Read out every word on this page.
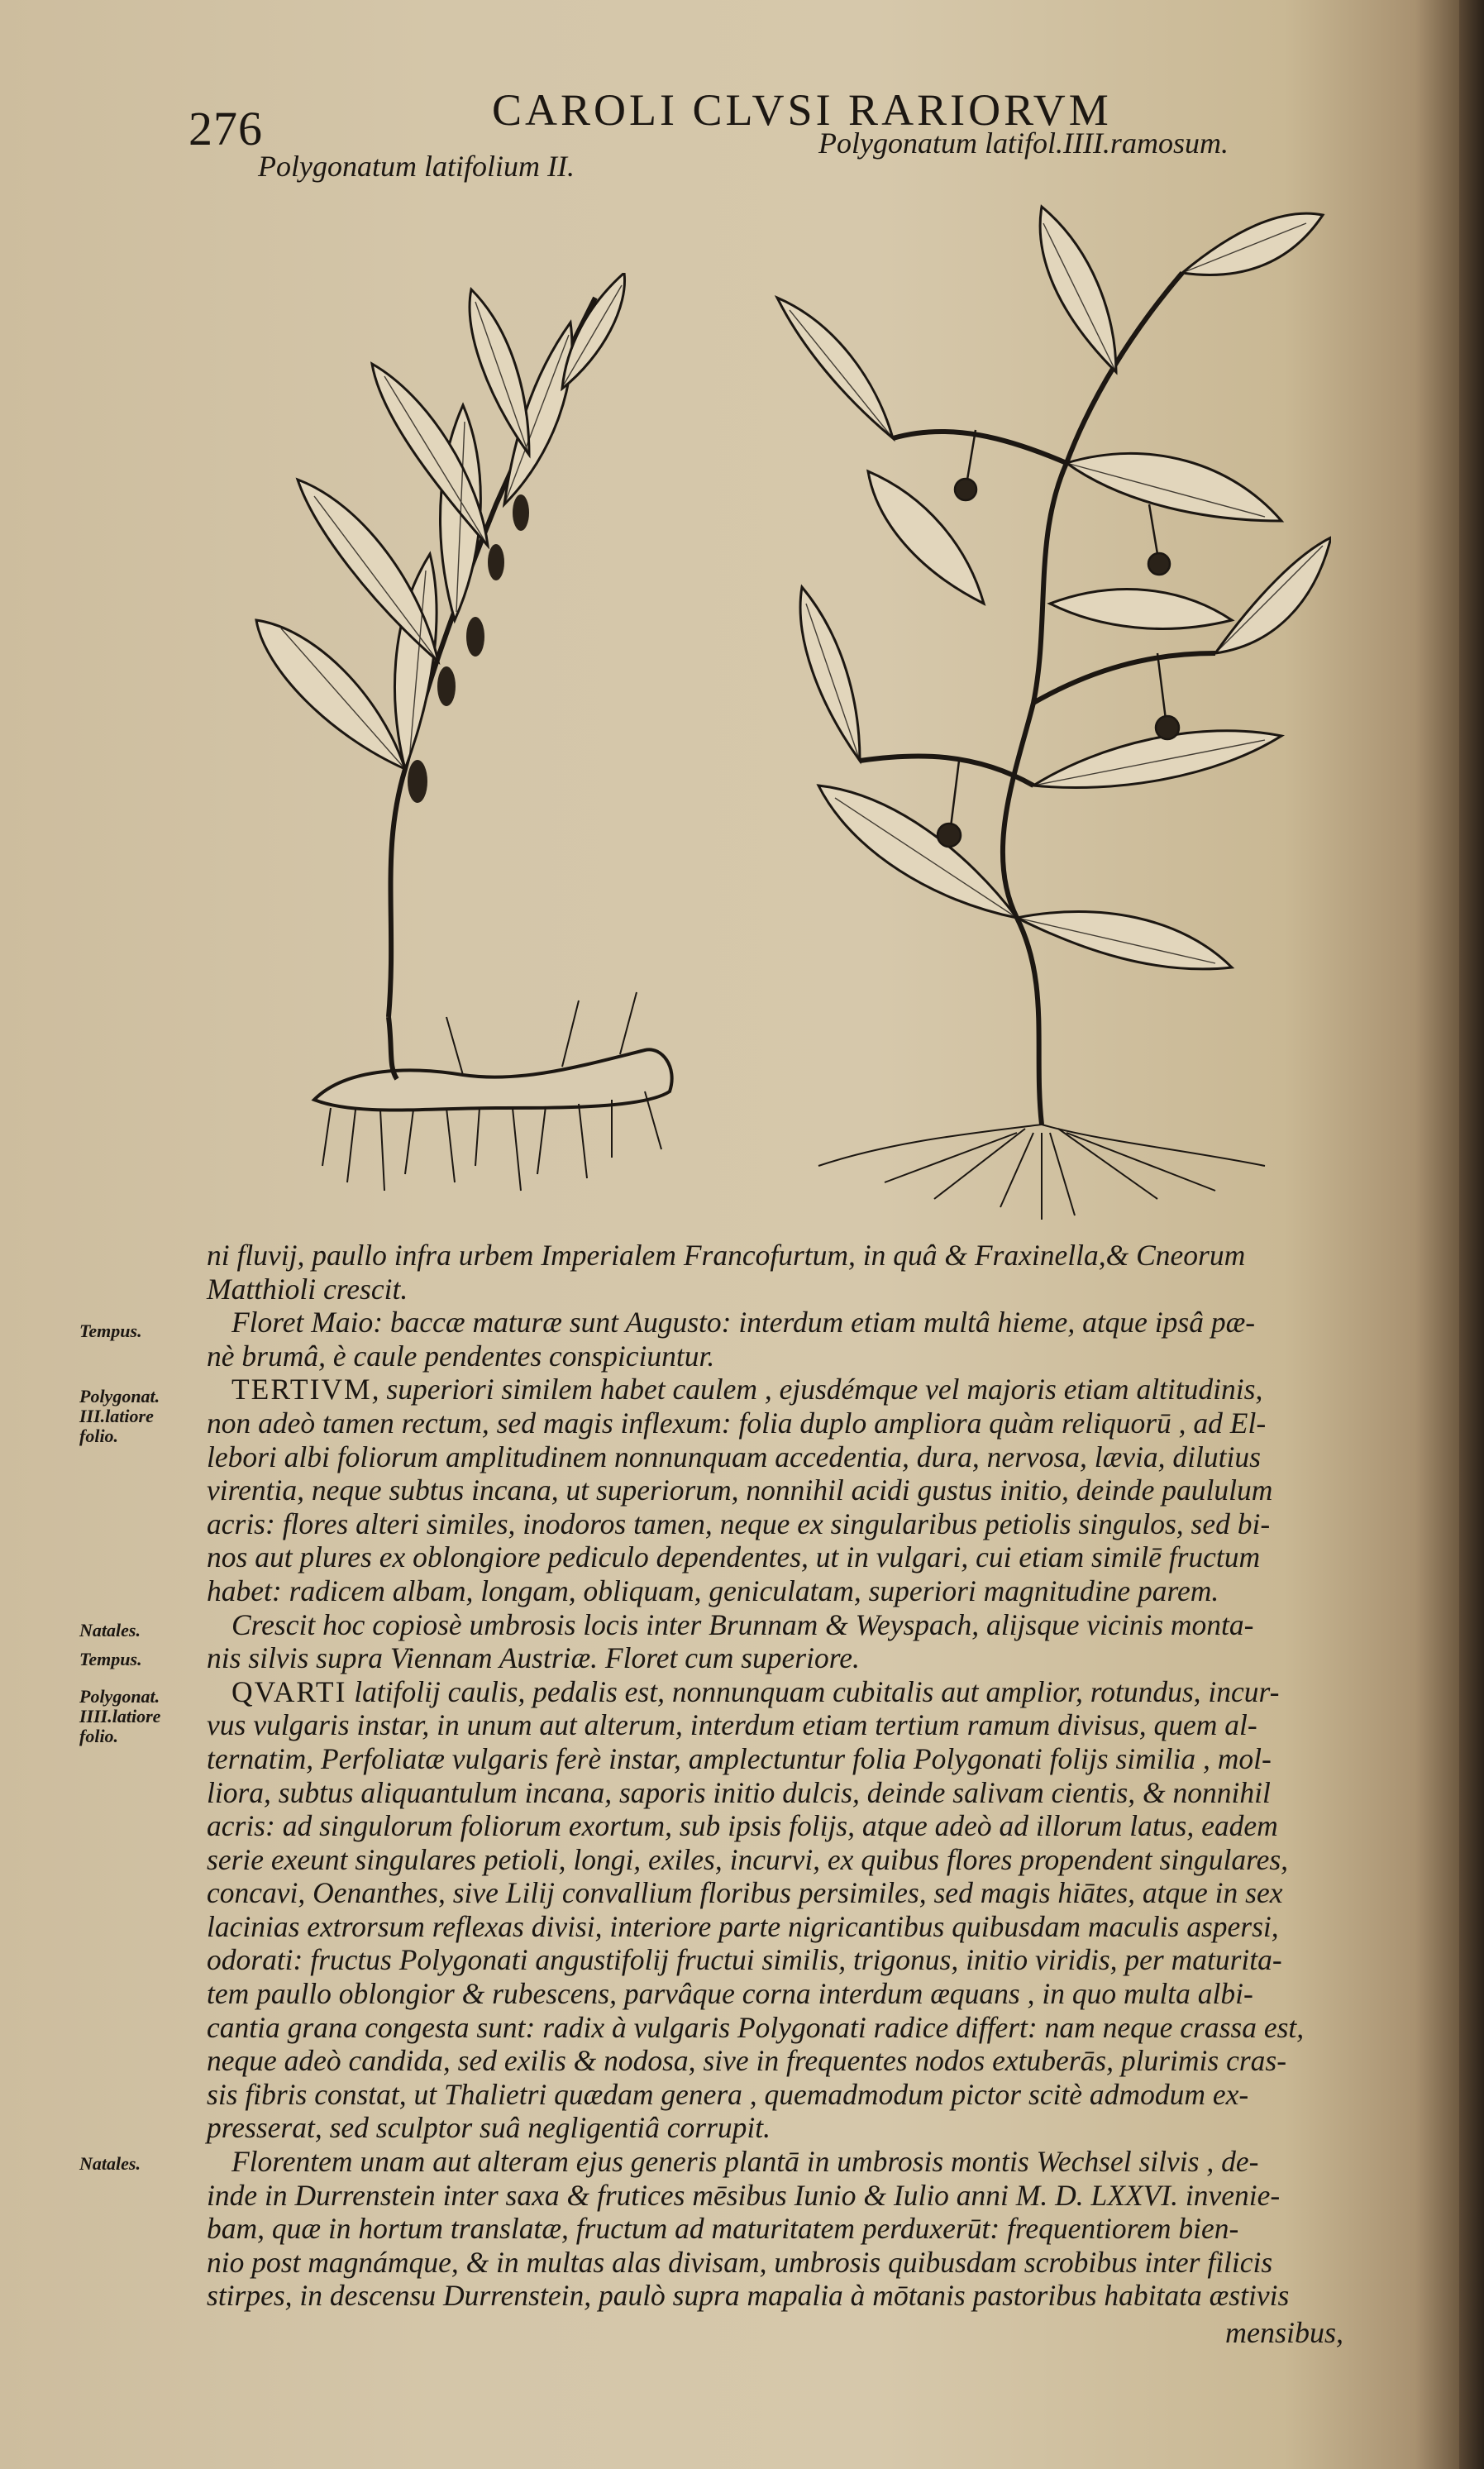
276	CAROLI CLVSI RARIORVM
Polygonatum latifolium II.
Polygonatum latifol.IIII.ramosum.
Tempus.
Polygonat. III.latiore folio.
Natales.
Tempus.
Polygonat. IIII.latiore folio.
Natales.

ni fluvij, paullo infra urbem Imperialem Francofurtum, in quâ & Fraxinella,& Cneorum
Matthioli crescit.

Floret Maio: baccæ maturæ sunt Augusto: interdum etiam multâ hieme, atque ipsâ pæ-
nè brumâ, è caule pendentes conspiciuntur.

TERTIVM, superiori similem habet caulem , ejusdémque vel majoris etiam altitudinis,
non adeò tamen rectum, sed magis inflexum: folia duplo ampliora quàm reliquorū , ad El-
lebori albi foliorum amplitudinem nonnunquam accedentia, dura, nervosa, lævia, dilutius
virentia, neque subtus incana, ut superiorum, nonnihil acidi gustus initio, deinde paululum
acris: flores alteri similes, inodoros tamen, neque ex singularibus petiolis singulos, sed bi-
nos aut plures ex oblongiore pediculo dependentes, ut in vulgari, cui etiam similē fructum
habet: radicem albam, longam, obliquam, geniculatam, superiori magnitudine parem.

Crescit hoc copiosè umbrosis locis inter Brunnam & Weyspach, alijsque vicinis monta-
nis silvis supra Viennam Austriæ. Floret cum superiore.

QVARTI latifolij caulis, pedalis est, nonnunquam cubitalis aut amplior, rotundus, incur-
vus vulgaris instar, in unum aut alterum, interdum etiam tertium ramum divisus, quem al-
ternatim, Perfoliatæ vulgaris ferè instar, amplectuntur folia Polygonati folijs similia , mol-
liora, subtus aliquantulum incana, saporis initio dulcis, deinde salivam cientis, & nonnihil
acris: ad singulorum foliorum exortum, sub ipsis folijs, atque adeò ad illorum latus, eadem
serie exeunt singulares petioli, longi, exiles, incurvi, ex quibus flores propendent singulares,
concavi, Oenanthes, sive Lilij convallium floribus persimiles, sed magis hiātes, atque in sex
lacinias extrorsum reflexas divisi, interiore parte nigricantibus quibusdam maculis aspersi,
odorati: fructus Polygonati angustifolij fructui similis, trigonus, initio viridis, per maturita-
tem paullo oblongior & rubescens, parvâque corna interdum æquans , in quo multa albi-
cantia grana congesta sunt: radix à vulgaris Polygonati radice differt: nam neque crassa est,
neque adeò candida, sed exilis & nodosa, sive in frequentes nodos extuberās, plurimis cras-
sis fibris constat, ut Thalietri quædam genera , quemadmodum pictor scitè admodum ex-
presserat, sed sculptor suâ negligentiâ corrupit.

Florentem unam aut alteram ejus generis plantā in umbrosis montis Wechsel silvis , de-
inde in Durrenstein inter saxa & frutices mēsibus Iunio & Iulio anni M. D. LXXVI. invenie-
bam, quæ in hortum translatæ, fructum ad maturitatem perduxerūt: frequentiorem bien-
nio post magnámque, & in multas alas divisam, umbrosis quibusdam scrobibus inter filicis
stirpes, in descensu Durrenstein, paulò supra mapalia à mōtanis pastoribus habitata æstivis

mensibus,
